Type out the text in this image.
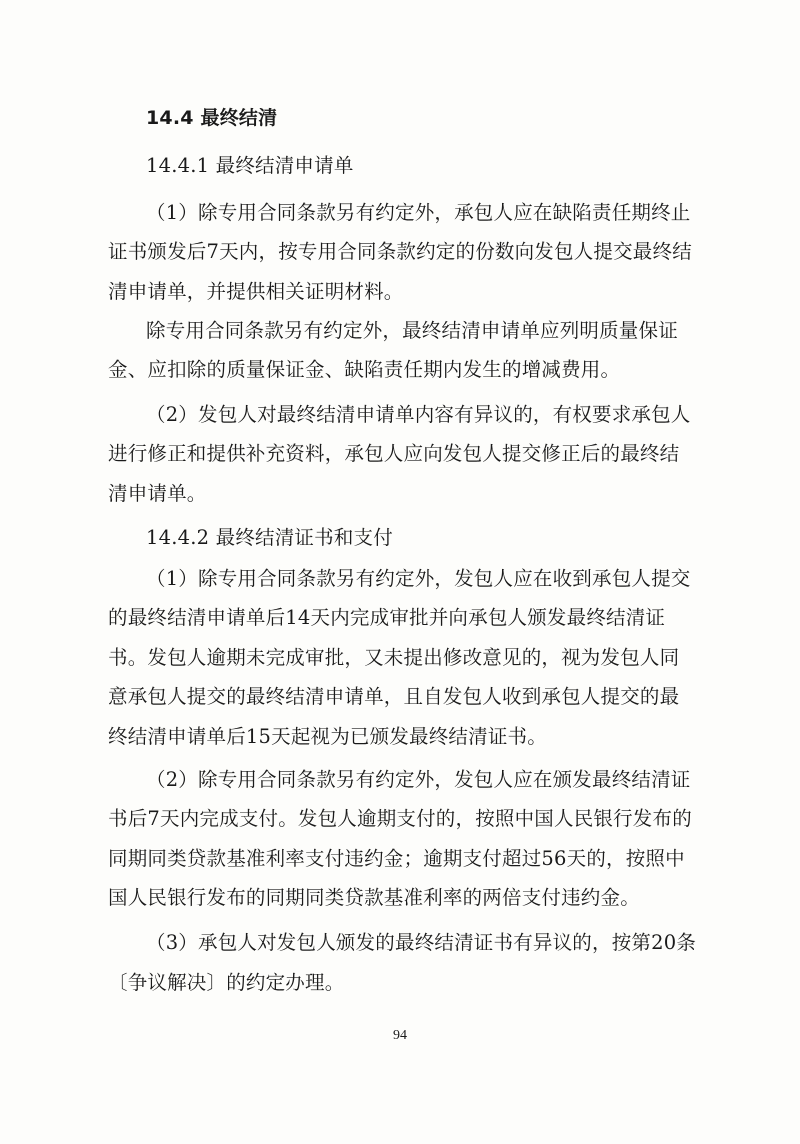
14.4 最终结清
14.4.1 最终结清申请单
（1）除专用合同条款另有约定外，承包人应在缺陷责任期终止
证书颁发后7天内，按专用合同条款约定的份数向发包人提交最终结
清申请单，并提供相关证明材料。
除专用合同条款另有约定外，最终结清申请单应列明质量保证
金、应扣除的质量保证金、缺陷责任期内发生的增减费用。
（2）发包人对最终结清申请单内容有异议的，有权要求承包人
进行修正和提供补充资料，承包人应向发包人提交修正后的最终结
清申请单。
14.4.2 最终结清证书和支付
（1）除专用合同条款另有约定外，发包人应在收到承包人提交
的最终结清申请单后14天内完成审批并向承包人颁发最终结清证
书。发包人逾期未完成审批，又未提出修改意见的，视为发包人同
意承包人提交的最终结清申请单，且自发包人收到承包人提交的最
终结清申请单后15天起视为已颁发最终结清证书。
（2）除专用合同条款另有约定外，发包人应在颁发最终结清证
书后7天内完成支付。发包人逾期支付的，按照中国人民银行发布的
同期同类贷款基准利率支付违约金；逾期支付超过56天的，按照中
国人民银行发布的同期同类贷款基准利率的两倍支付违约金。
（3）承包人对发包人颁发的最终结清证书有异议的，按第20条
〔争议解决〕的约定办理。
94
